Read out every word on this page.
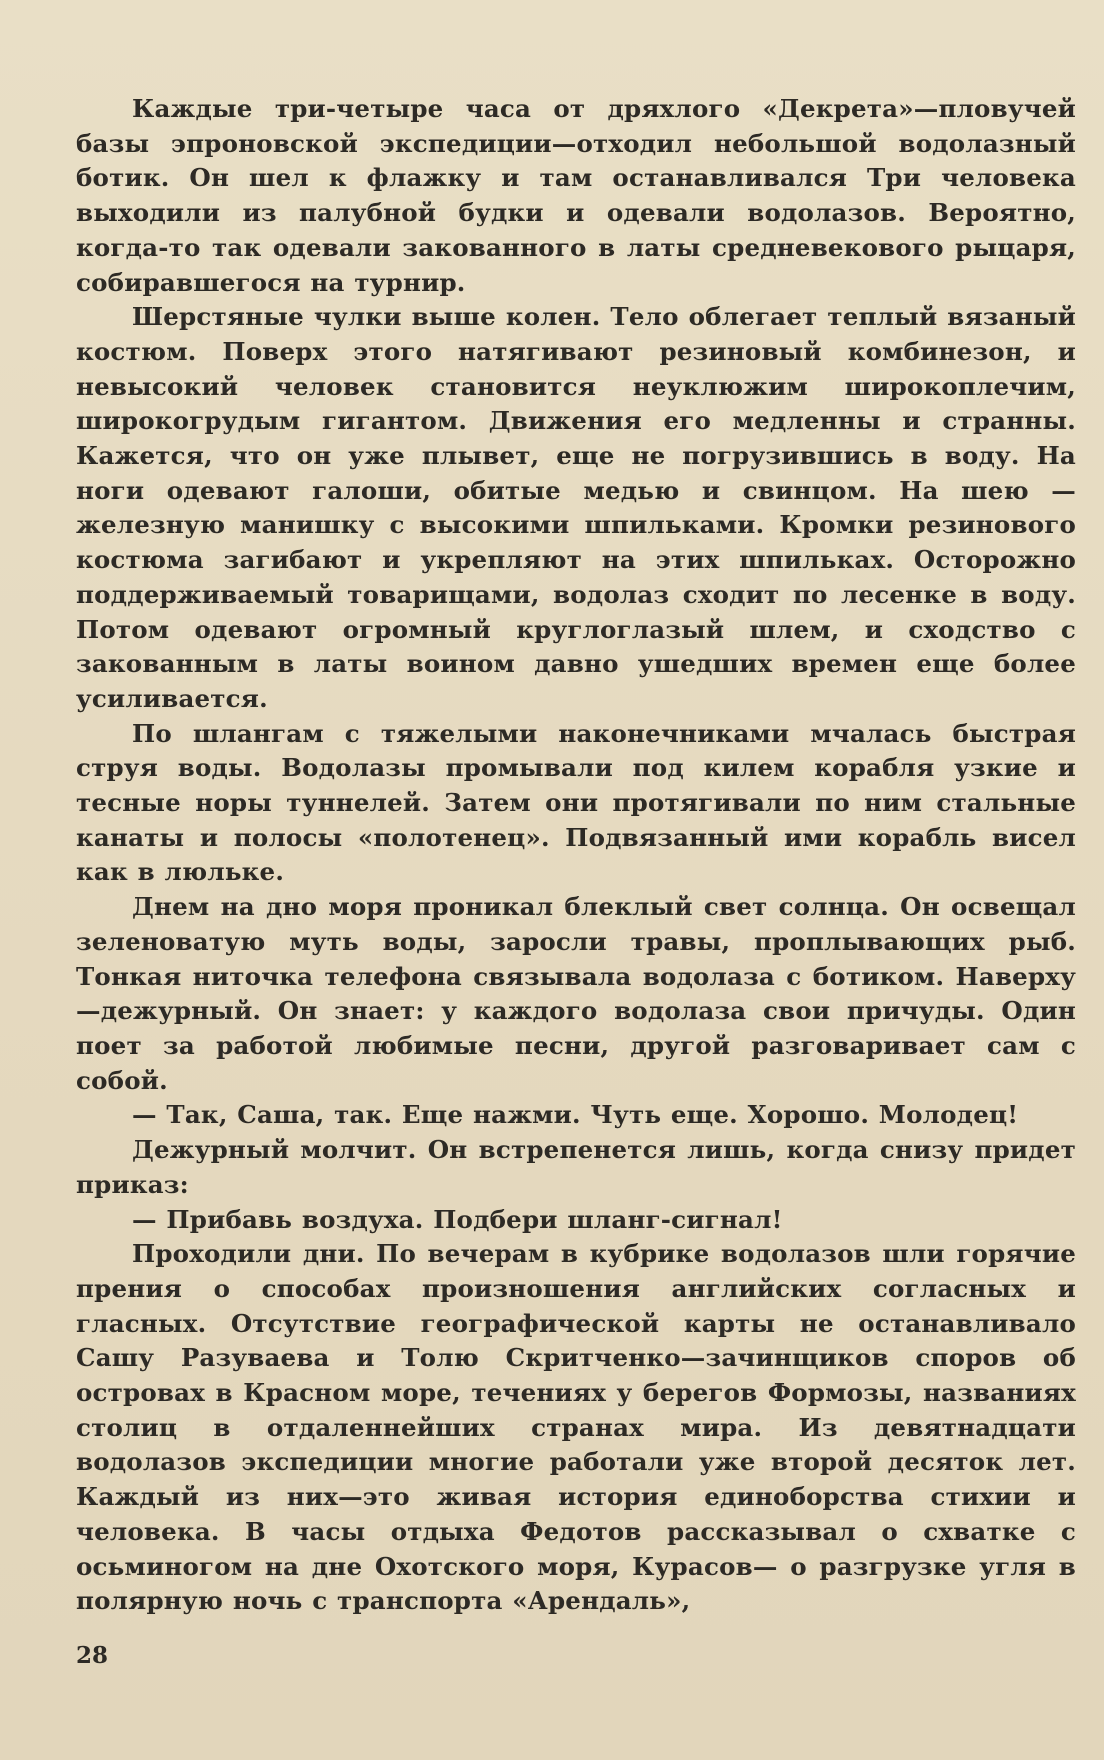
Каждые три-четыре часа от дряхлого «Декрета»—пловучей базы эпроновской экспедиции—отходил небольшой водолазный ботик. Он шел к флажку и там останавливался Три человека выходили из палубной будки и одевали водолазов. Вероятно, когда-то так одевали закованного в латы средневекового рыцаря, собиравшегося на турнир.

Шерстяные чулки выше колен. Тело облегает теплый вязаный костюм. Поверх этого натягивают резиновый комбинезон, и невысокий человек становится неуклюжим широкоплечим, широкогрудым гигантом. Движения его медленны и странны. Кажется, что он уже плывет, еще не погрузившись в воду. На ноги одевают галоши, обитые медью и свинцом. На шею — железную манишку с высокими шпильками. Кромки резинового костюма загибают и укрепляют на этих шпильках. Осторожно поддерживаемый товарищами, водолаз сходит по лесенке в воду. Потом одевают огромный круглоглазый шлем, и сходство с закованным в латы воином давно ушедших времен еще более усиливается.

По шлангам с тяжелыми наконечниками мчалась быстрая струя воды. Водолазы промывали под килем корабля узкие и тесные норы туннелей. Затем они протягивали по ним стальные канаты и полосы «полотенец». Подвязанный ими корабль висел как в люльке.

Днем на дно моря проникал блеклый свет солнца. Он освещал зеленоватую муть воды, заросли травы, проплывающих рыб. Тонкая ниточка телефона связывала водолаза с ботиком. Наверху—дежурный. Он знает: у каждого водолаза свои причуды. Один поет за работой любимые песни, другой разговаривает сам с собой.

— Так, Саша, так. Еще нажми. Чуть еще. Хорошо. Молодец!

Дежурный молчит. Он встрепенется лишь, когда снизу придет приказ:

— Прибавь воздуха. Подбери шланг-сигнал!

Проходили дни. По вечерам в кубрике водолазов шли горячие прения о способах произношения английских согласных и гласных. Отсутствие географической карты не останавливало Сашу Разуваева и Толю Скритченко—зачинщиков споров об островах в Красном море, течениях у берегов Формозы, названиях столиц в отдаленнейших странах мира. Из девятнадцати водолазов экспедиции многие работали уже второй десяток лет. Каждый из них—это живая история единоборства стихии и человека. В часы отдыха Федотов рассказывал о схватке с осьминогом на дне Охотского моря, Курасов— о разгрузке угля в полярную ночь с транспорта «Арендаль»,

28
